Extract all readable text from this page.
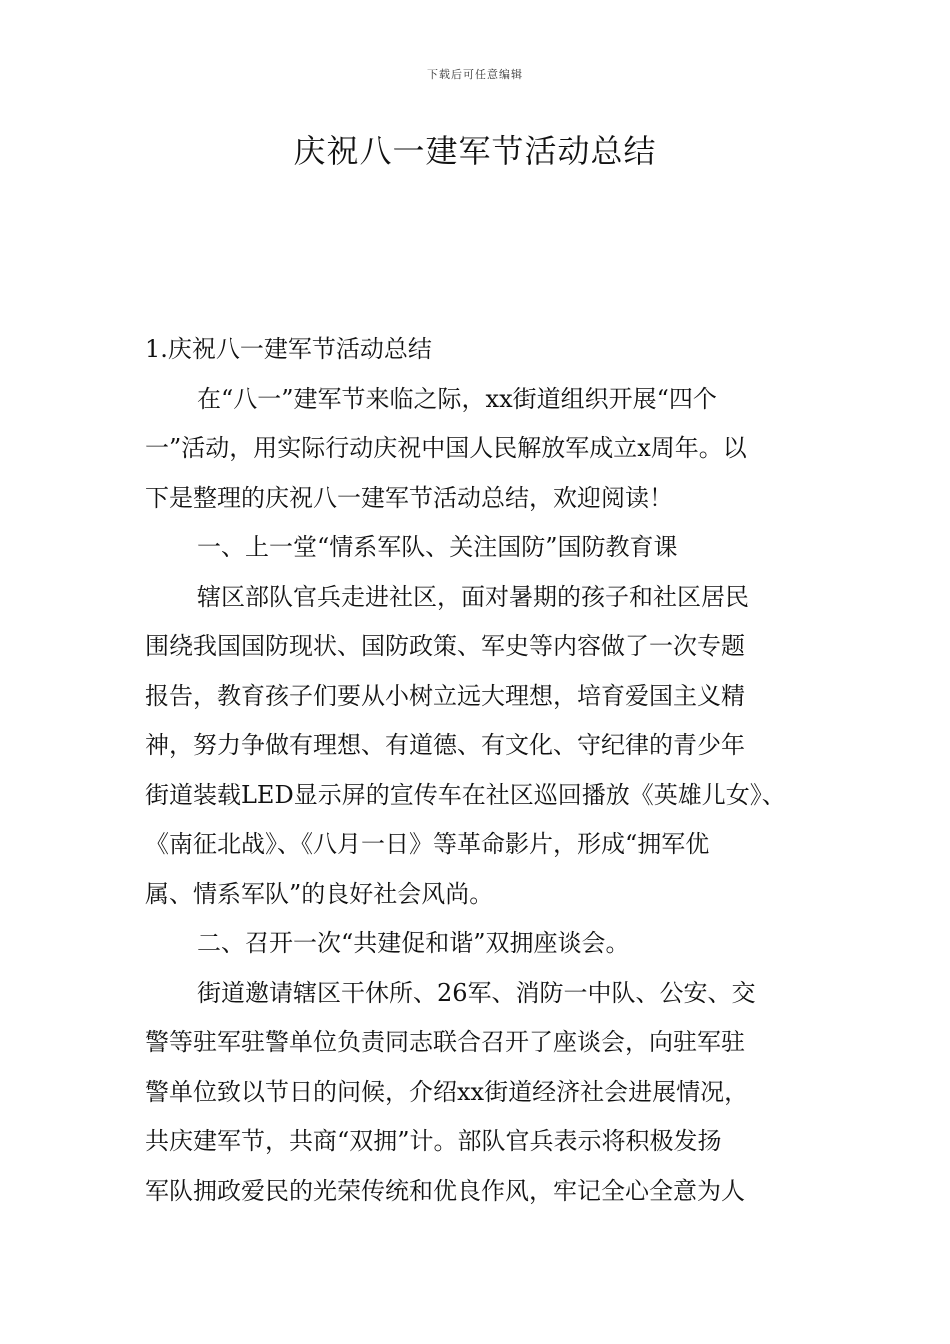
下载后可任意编辑
庆祝八一建军节活动总结

1.庆祝八一建军节活动总结

在“八一”建军节来临之际，xx街道组织开展“四个

一”活动，用实际行动庆祝中国人民解放军成立x周年。以

下是整理的庆祝八一建军节活动总结，欢迎阅读！

一、上一堂“情系军队、关注国防”国防教育课

辖区部队官兵走进社区，面对暑期的孩子和社区居民

围绕我国国防现状、国防政策、军史等内容做了一次专题

报告，教育孩子们要从小树立远大理想，培育爱国主义精

神，努力争做有理想、有道德、有文化、守纪律的青少年

街道装载LED显示屏的宣传车在社区巡回播放《英雄儿女》、

《南征北战》、《八月一日》等革命影片，形成“拥军优

属、情系军队”的良好社会风尚。

二、召开一次“共建促和谐”双拥座谈会。

街道邀请辖区干休所、26军、消防一中队、公安、交

警等驻军驻警单位负责同志联合召开了座谈会，向驻军驻

警单位致以节日的问候，介绍xx街道经济社会进展情况，

共庆建军节，共商“双拥”计。部队官兵表示将积极发扬

军队拥政爱民的光荣传统和优良作风，牢记全心全意为人
